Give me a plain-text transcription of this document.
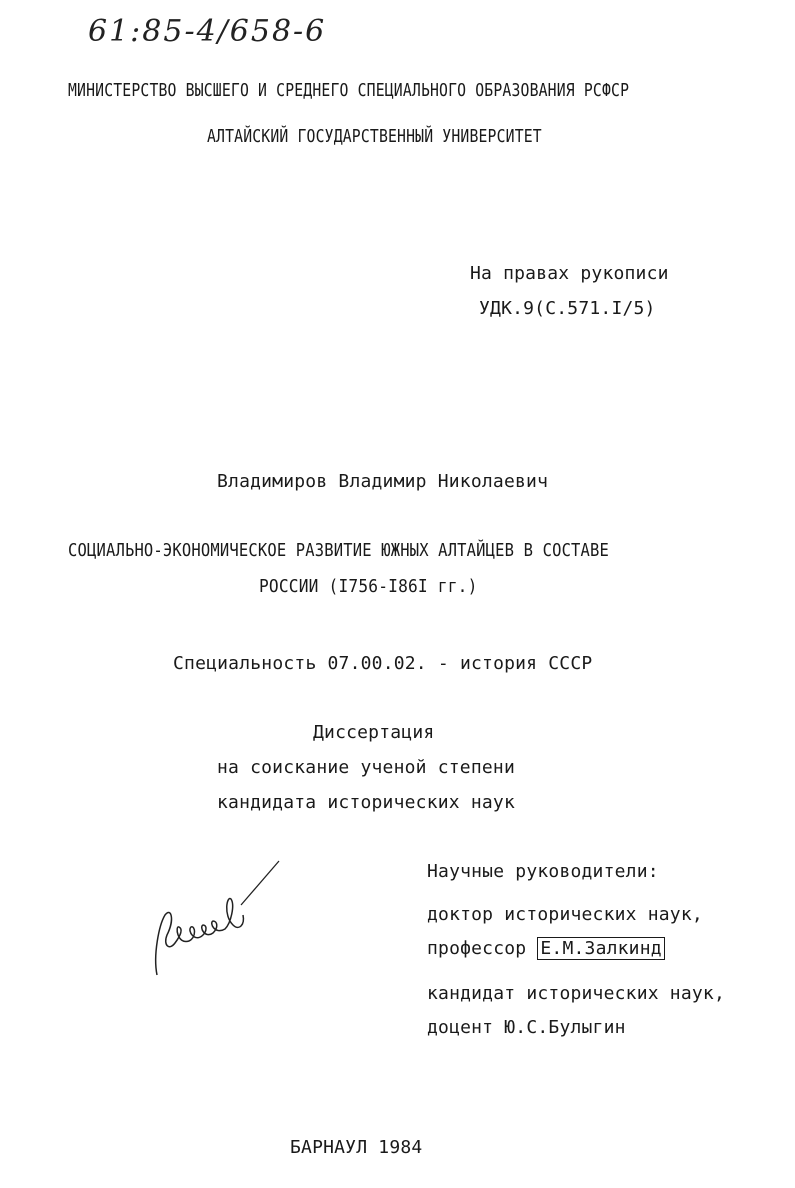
61:85-4/658-6
МИНИСТЕРСТВО ВЫСШЕГО И СРЕДНЕГО СПЕЦИАЛЬНОГО ОБРАЗОВАНИЯ РСФСР
АЛТАЙСКИЙ ГОСУДАРСТВЕННЫЙ УНИВЕРСИТЕТ
На правах рукописи
УДК.9(С.571.I/5)
Владимиров Владимир Николаевич
СОЦИАЛЬНО-ЭКОНОМИЧЕСКОЕ РАЗВИТИЕ ЮЖНЫХ АЛТАЙЦЕВ В СОСТАВЕ
РОССИИ (I756-I86I гг.)
Специальность 07.00.02. - история СССР
Диссертация
на соискание ученой степени
кандидата исторических наук
Научные руководители:
доктор исторических наук,
профессор Е.М.Залкинд
кандидат исторических наук,
доцент Ю.С.Булыгин
БАРНАУЛ 1984
